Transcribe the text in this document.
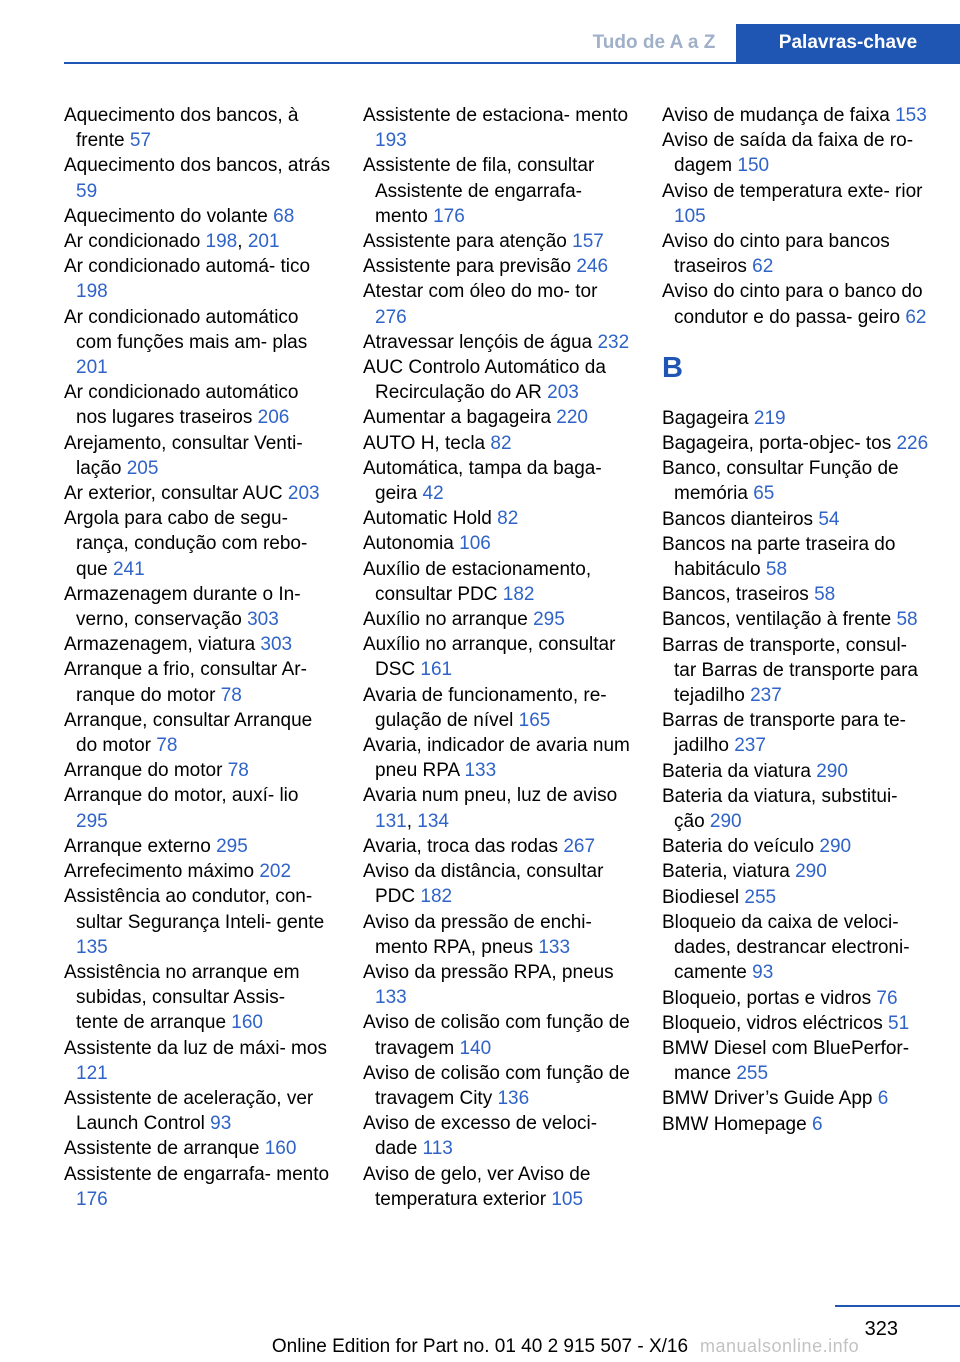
Tudo de A a Z	Palavras-chave
Aquecimento dos bancos, à frente 57
Aquecimento dos bancos, atrás 59
Aquecimento do volante 68
Ar condicionado 198, 201
Ar condicionado automá‐ tico 198
Ar condicionado automático com funções mais am‐ plas 201
Ar condicionado automático nos lugares traseiros 206
Arejamento, consultar Venti‐ lação 205
Ar exterior, consultar AUC 203
Argola para cabo de segu‐ rança, condução com rebo‐ que 241
Armazenagem durante o In‐ verno, conservação 303
Armazenagem, viatura 303
Arranque a frio, consultar Ar‐ ranque do motor 78
Arranque, consultar Arranque do motor 78
Arranque do motor 78
Arranque do motor, auxí‐ lio 295
Arranque externo 295
Arrefecimento máximo 202
Assistência ao condutor, con‐ sultar Segurança Inteli‐ gente 135
Assistência no arranque em subidas, consultar Assis‐ tente de arranque 160
Assistente da luz de máxi‐ mos 121
Assistente de aceleração, ver Launch Control 93
Assistente de arranque 160
Assistente de engarrafa‐ mento 176
Assistente de estaciona‐ mento 193
Assistente de fila, consultar Assistente de engarrafa‐ mento 176
Assistente para atenção 157
Assistente para previsão 246
Atestar com óleo do mo‐ tor 276
Atravessar lençóis de água 232
AUC Controlo Automático da Recirculação do AR 203
Aumentar a bagageira 220
AUTO H, tecla 82
Automática, tampa da baga‐ geira 42
Automatic Hold 82
Autonomia 106
Auxílio de estacionamento, consultar PDC 182
Auxílio no arranque 295
Auxílio no arranque, consultar DSC 161
Avaria de funcionamento, re‐ gulação de nível 165
Avaria, indicador de avaria num pneu RPA 133
Avaria num pneu, luz de aviso 131, 134
Avaria, troca das rodas 267
Aviso da distância, consultar PDC 182
Aviso da pressão de enchi‐ mento RPA, pneus 133
Aviso da pressão RPA, pneus 133
Aviso de colisão com função de travagem 140
Aviso de colisão com função de travagem City 136
Aviso de excesso de veloci‐ dade 113
Aviso de gelo, ver Aviso de temperatura exterior 105
Aviso de mudança de faixa 153
Aviso de saída da faixa de ro‐ dagem 150
Aviso de temperatura exte‐ rior 105
Aviso do cinto para bancos traseiros 62
Aviso do cinto para o banco do condutor e do passa‐ geiro 62
B
Bagageira 219
Bagageira, porta-objec‐ tos 226
Banco, consultar Função de memória 65
Bancos dianteiros 54
Bancos na parte traseira do habitáculo 58
Bancos, traseiros 58
Bancos, ventilação à frente 58
Barras de transporte, consul‐ tar Barras de transporte para tejadilho 237
Barras de transporte para te‐ jadilho 237
Bateria da viatura 290
Bateria da viatura, substitui‐ ção 290
Bateria do veículo 290
Bateria, viatura 290
Biodiesel 255
Bloqueio da caixa de veloci‐ dades, destrancar electroni‐ camente 93
Bloqueio, portas e vidros 76
Bloqueio, vidros eléctricos 51
BMW Diesel com BluePerfor‐ mance 255
BMW Driver’s Guide App 6
BMW Homepage 6
323
Online Edition for Part no. 01 40 2 915 507 - X/16 manualsonline.info
